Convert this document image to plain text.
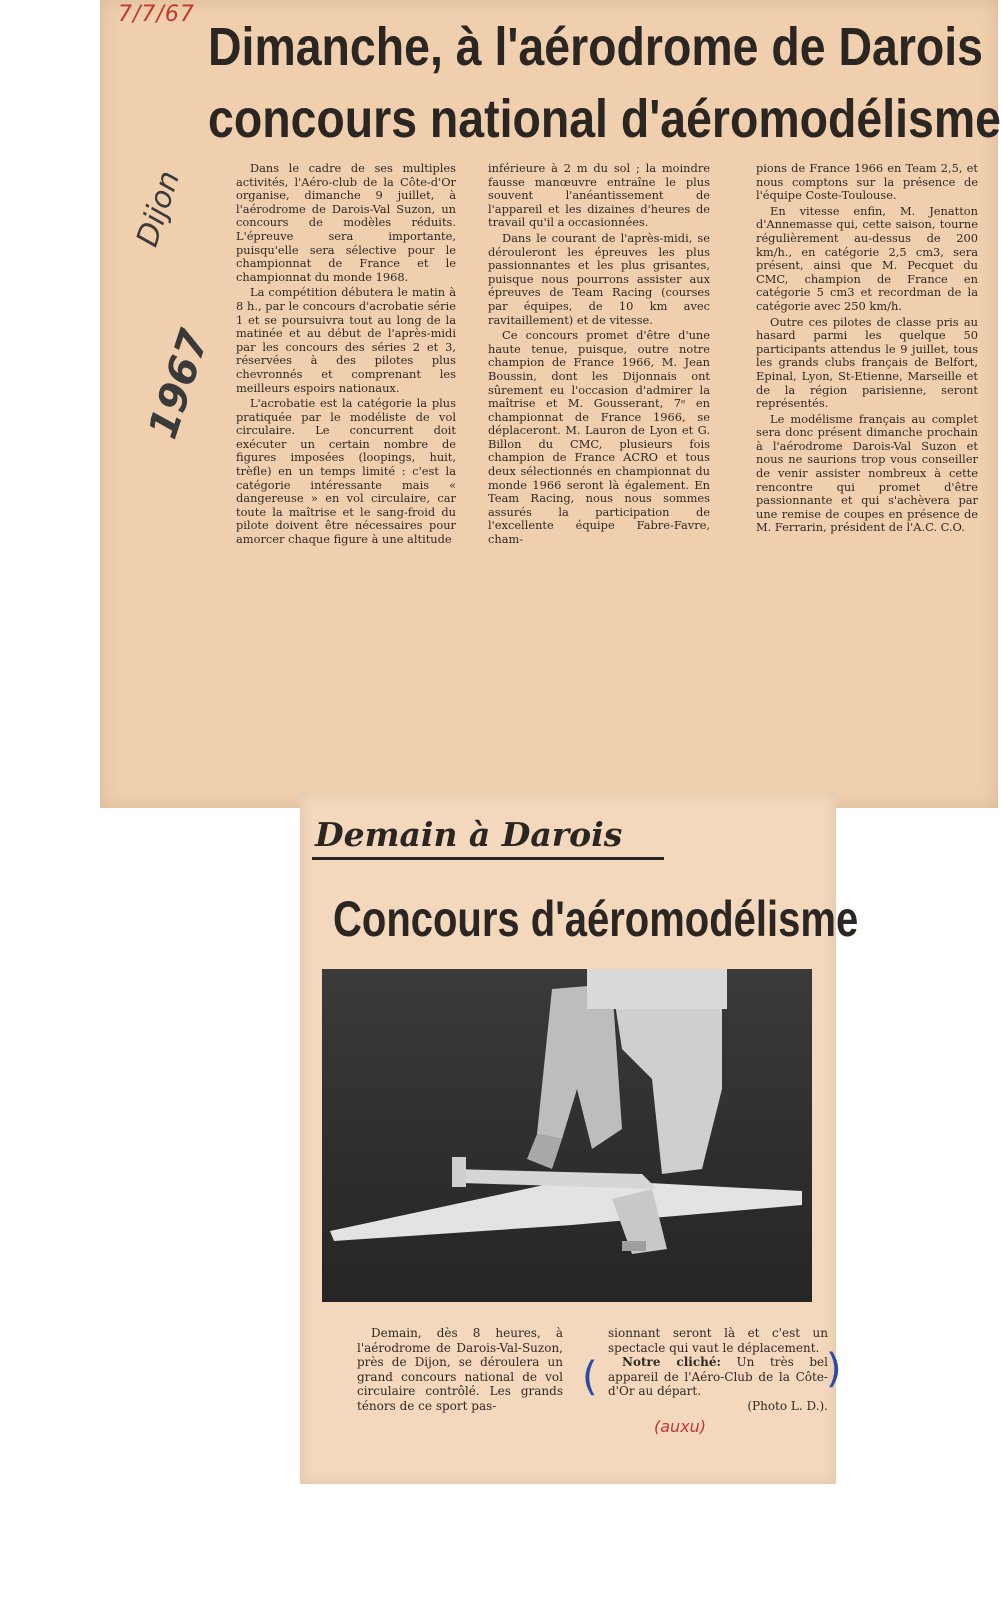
7/7/67
Dijon
1967
Dimanche, à l'aérodrome de Darois
concours national d'aéromodélisme

Dans le cadre de ses multiples activités, l'Aéro-club de la Côte-d'Or organise, dimanche 9 juillet, à l'aérodrome de Darois-Val Suzon, un concours de modèles réduits. L'épreuve sera importante, puisqu'elle sera sélective pour le championnat de France et le championnat du monde 1968.

La compétition débutera le matin à 8 h., par le concours d'acrobatie série 1 et se poursuivra tout au long de la matinée et au début de l'après-midi par les concours des séries 2 et 3, réservées à des pilotes plus chevronnés et comprenant les meilleurs espoirs nationaux.

L'acrobatie est la catégorie la plus pratiquée par le modéliste de vol circulaire. Le concurrent doit exécuter un certain nombre de figures imposées (loopings, huit, trèfle) en un temps limité : c'est la catégorie intéressante mais « dangereuse » en vol circulaire, car toute la maîtrise et le sang-froid du pilote doivent être nécessaires pour amorcer chaque figure à une altitude

inférieure à 2 m du sol ; la moindre fausse manœuvre entraîne le plus souvent l'anéantissement de l'appareil et les dizaines d'heures de travail qu'il a occasionnées.

Dans le courant de l'après-midi, se dérouleront les épreuves les plus passionnantes et les plus grisantes, puisque nous pourrons assister aux épreuves de Team Racing (courses par équipes, de 10 km avec ravitaillement) et de vitesse.

Ce concours promet d'être d'une haute tenue, puisque, outre notre champion de France 1966, M. Jean Boussin, dont les Dijonnais ont sûrement eu l'occasion d'admirer la maîtrise et M. Gousserant, 7ᵉ en championnat de France 1966, se déplaceront. M. Lauron de Lyon et G. Billon du CMC, plusieurs fois champion de France ACRO et tous deux sélectionnés en championnat du monde 1966 seront là également. En Team Racing, nous nous sommes assurés la participation de l'excellente équipe Fabre-Favre, cham-

pions de France 1966 en Team 2,5, et nous comptons sur la présence de l'équipe Coste-Toulouse.

En vitesse enfin, M. Jenatton d'Annemasse qui, cette saison, tourne régulièrement au-dessus de 200 km/h., en catégorie 2,5 cm3, sera présent, ainsi que M. Pecquet du CMC, champion de France en catégorie 5 cm3 et recordman de la catégorie avec 250 km/h.

Outre ces pilotes de classe pris au hasard parmi les quelque 50 participants attendus le 9 juillet, tous les grands clubs français de Belfort, Epinal, Lyon, St-Etienne, Marseille et de la région parisienne, seront représentés.

Le modélisme français au complet sera donc présent dimanche prochain à l'aérodrome Darois-Val Suzon et nous ne saurions trop vous conseiller de venir assister nombreux à cette rencontre qui promet d'être passionnante et qui s'achèvera par une remise de coupes en présence de M. Ferrarin, président de l'A.C. C.O.

Demain à Darois
Concours d'aéromodélisme

Demain, dès 8 heures, à l'aérodrome de Darois-Val-Suzon, près de Dijon, se déroulera un grand concours national de vol circulaire contrôlé. Les grands ténors de ce sport pas-

sionnant seront là et c'est un spectacle qui vaut le déplacement.

Notre cliché: Un très bel appareil de l'Aéro-Club de la Côte-d'Or au départ.

(Photo L. D.).

(auxu)
(	)
